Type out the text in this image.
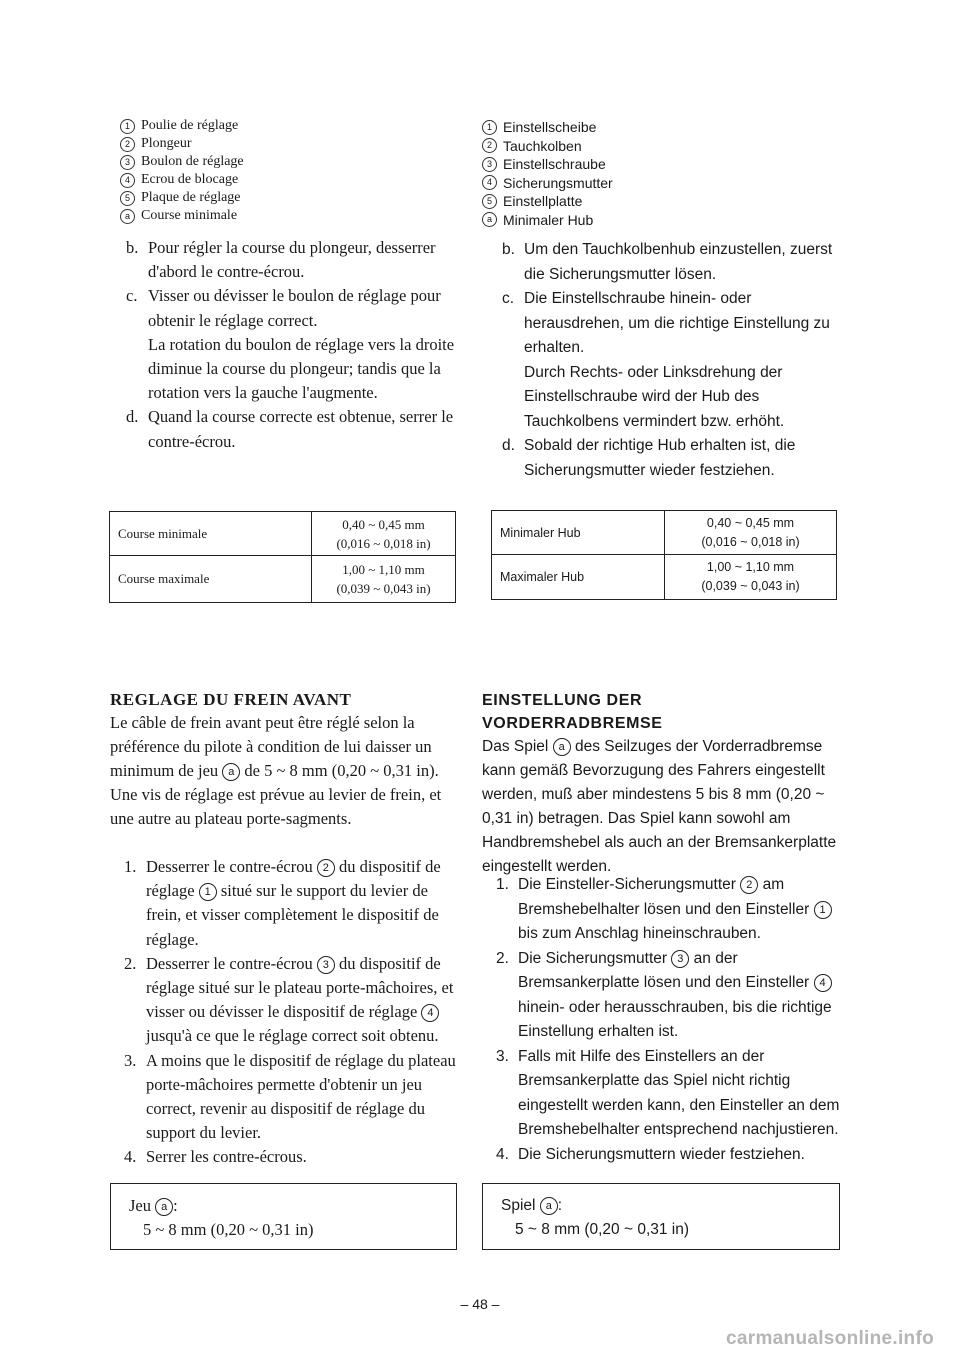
1 Poulie de réglage
2 Plongeur
3 Boulon de réglage
4 Ecrou de blocage
5 Plaque de réglage
a Course minimale
b. Pour régler la course du plongeur, desserrer d'abord le contre-écrou.
c. Visser ou dévisser le boulon de réglage pour obtenir le réglage correct.
La rotation du boulon de réglage vers la droite diminue la course du plongeur; tandis que la rotation vers la gauche l'augmente.
d. Quand la course correcte est obtenue, serrer le contre-écrou.
Course minimale	0,40 ~ 0,45 mm
(0,016 ~ 0,018 in)

Course maximale	1,00 ~ 1,10 mm
(0,039 ~ 0,043 in)

REGLAGE DU FREIN AVANT

Le câble de frein avant peut être réglé selon la préférence du pilote à condition de lui daisser un minimum de jeu a de 5 ~ 8 mm (0,20 ~ 0,31 in). Une vis de réglage est prévue au levier de frein, et une autre au plateau porte-sagments.

1. Desserrer le contre-écrou 2 du dispositif de réglage 1 situé sur le support du levier de frein, et visser complètement le dispositif de réglage.
2. Desserrer le contre-écrou 3 du dispositif de réglage situé sur le plateau porte-mâchoires, et visser ou dévisser le dispositif de réglage 4 jusqu'à ce que le réglage correct soit obtenu.
3. A moins que le dispositif de réglage du plateau porte-mâchoires permette d'obtenir un jeu correct, revenir au dispositif de réglage du support du levier.
4. Serrer les contre-écrous.
Jeu a :
5 ~ 8 mm (0,20 ~ 0,31 in)
1 Einstellscheibe
2 Tauchkolben
3 Einstellschraube
4 Sicherungsmutter
5 Einstellplatte
a Minimaler Hub
b. Um den Tauchkolbenhub einzustellen, zuerst die Sicherungsmutter lösen.
c. Die Einstellschraube hinein- oder herausdrehen, um die richtige Einstellung zu erhalten.
Durch Rechts- oder Linksdrehung der Einstellschraube wird der Hub des Tauchkolbens vermindert bzw. erhöht.
d. Sobald der richtige Hub erhalten ist, die Sicherungsmutter wieder festziehen.
Minimaler Hub	0,40 ~ 0,45 mm
(0,016 ~ 0,018 in)

Maximaler Hub	1,00 ~ 1,10 mm
(0,039 ~ 0,043 in)

EINSTELLUNG DER VORDERRADBREMSE

Das Spiel a des Seilzuges der Vorderradbremse kann gemäß Bevorzugung des Fahrers eingestellt werden, muß aber mindestens 5 bis 8 mm (0,20 ~ 0,31 in) betragen. Das Spiel kann sowohl am Handbremshebel als auch an der Bremsankerplatte eingestellt werden.

1. Die Einsteller-Sicherungsmutter 2 am Bremshebelhalter lösen und den Einsteller 1 bis zum Anschlag hineinschrauben.
2. Die Sicherungsmutter 3 an der Bremsankerplatte lösen und den Einsteller 4 hinein- oder herausschrauben, bis die richtige Einstellung erhalten ist.
3. Falls mit Hilfe des Einstellers an der Bremsankerplatte das Spiel nicht richtig eingestellt werden kann, den Einsteller an dem Bremshebelhalter entsprechend nachjustieren.
4. Die Sicherungsmuttern wieder festziehen.
Spiel a :
5 ~ 8 mm (0,20 ~ 0,31 in)
– 48 –
carmanualsonline.info
